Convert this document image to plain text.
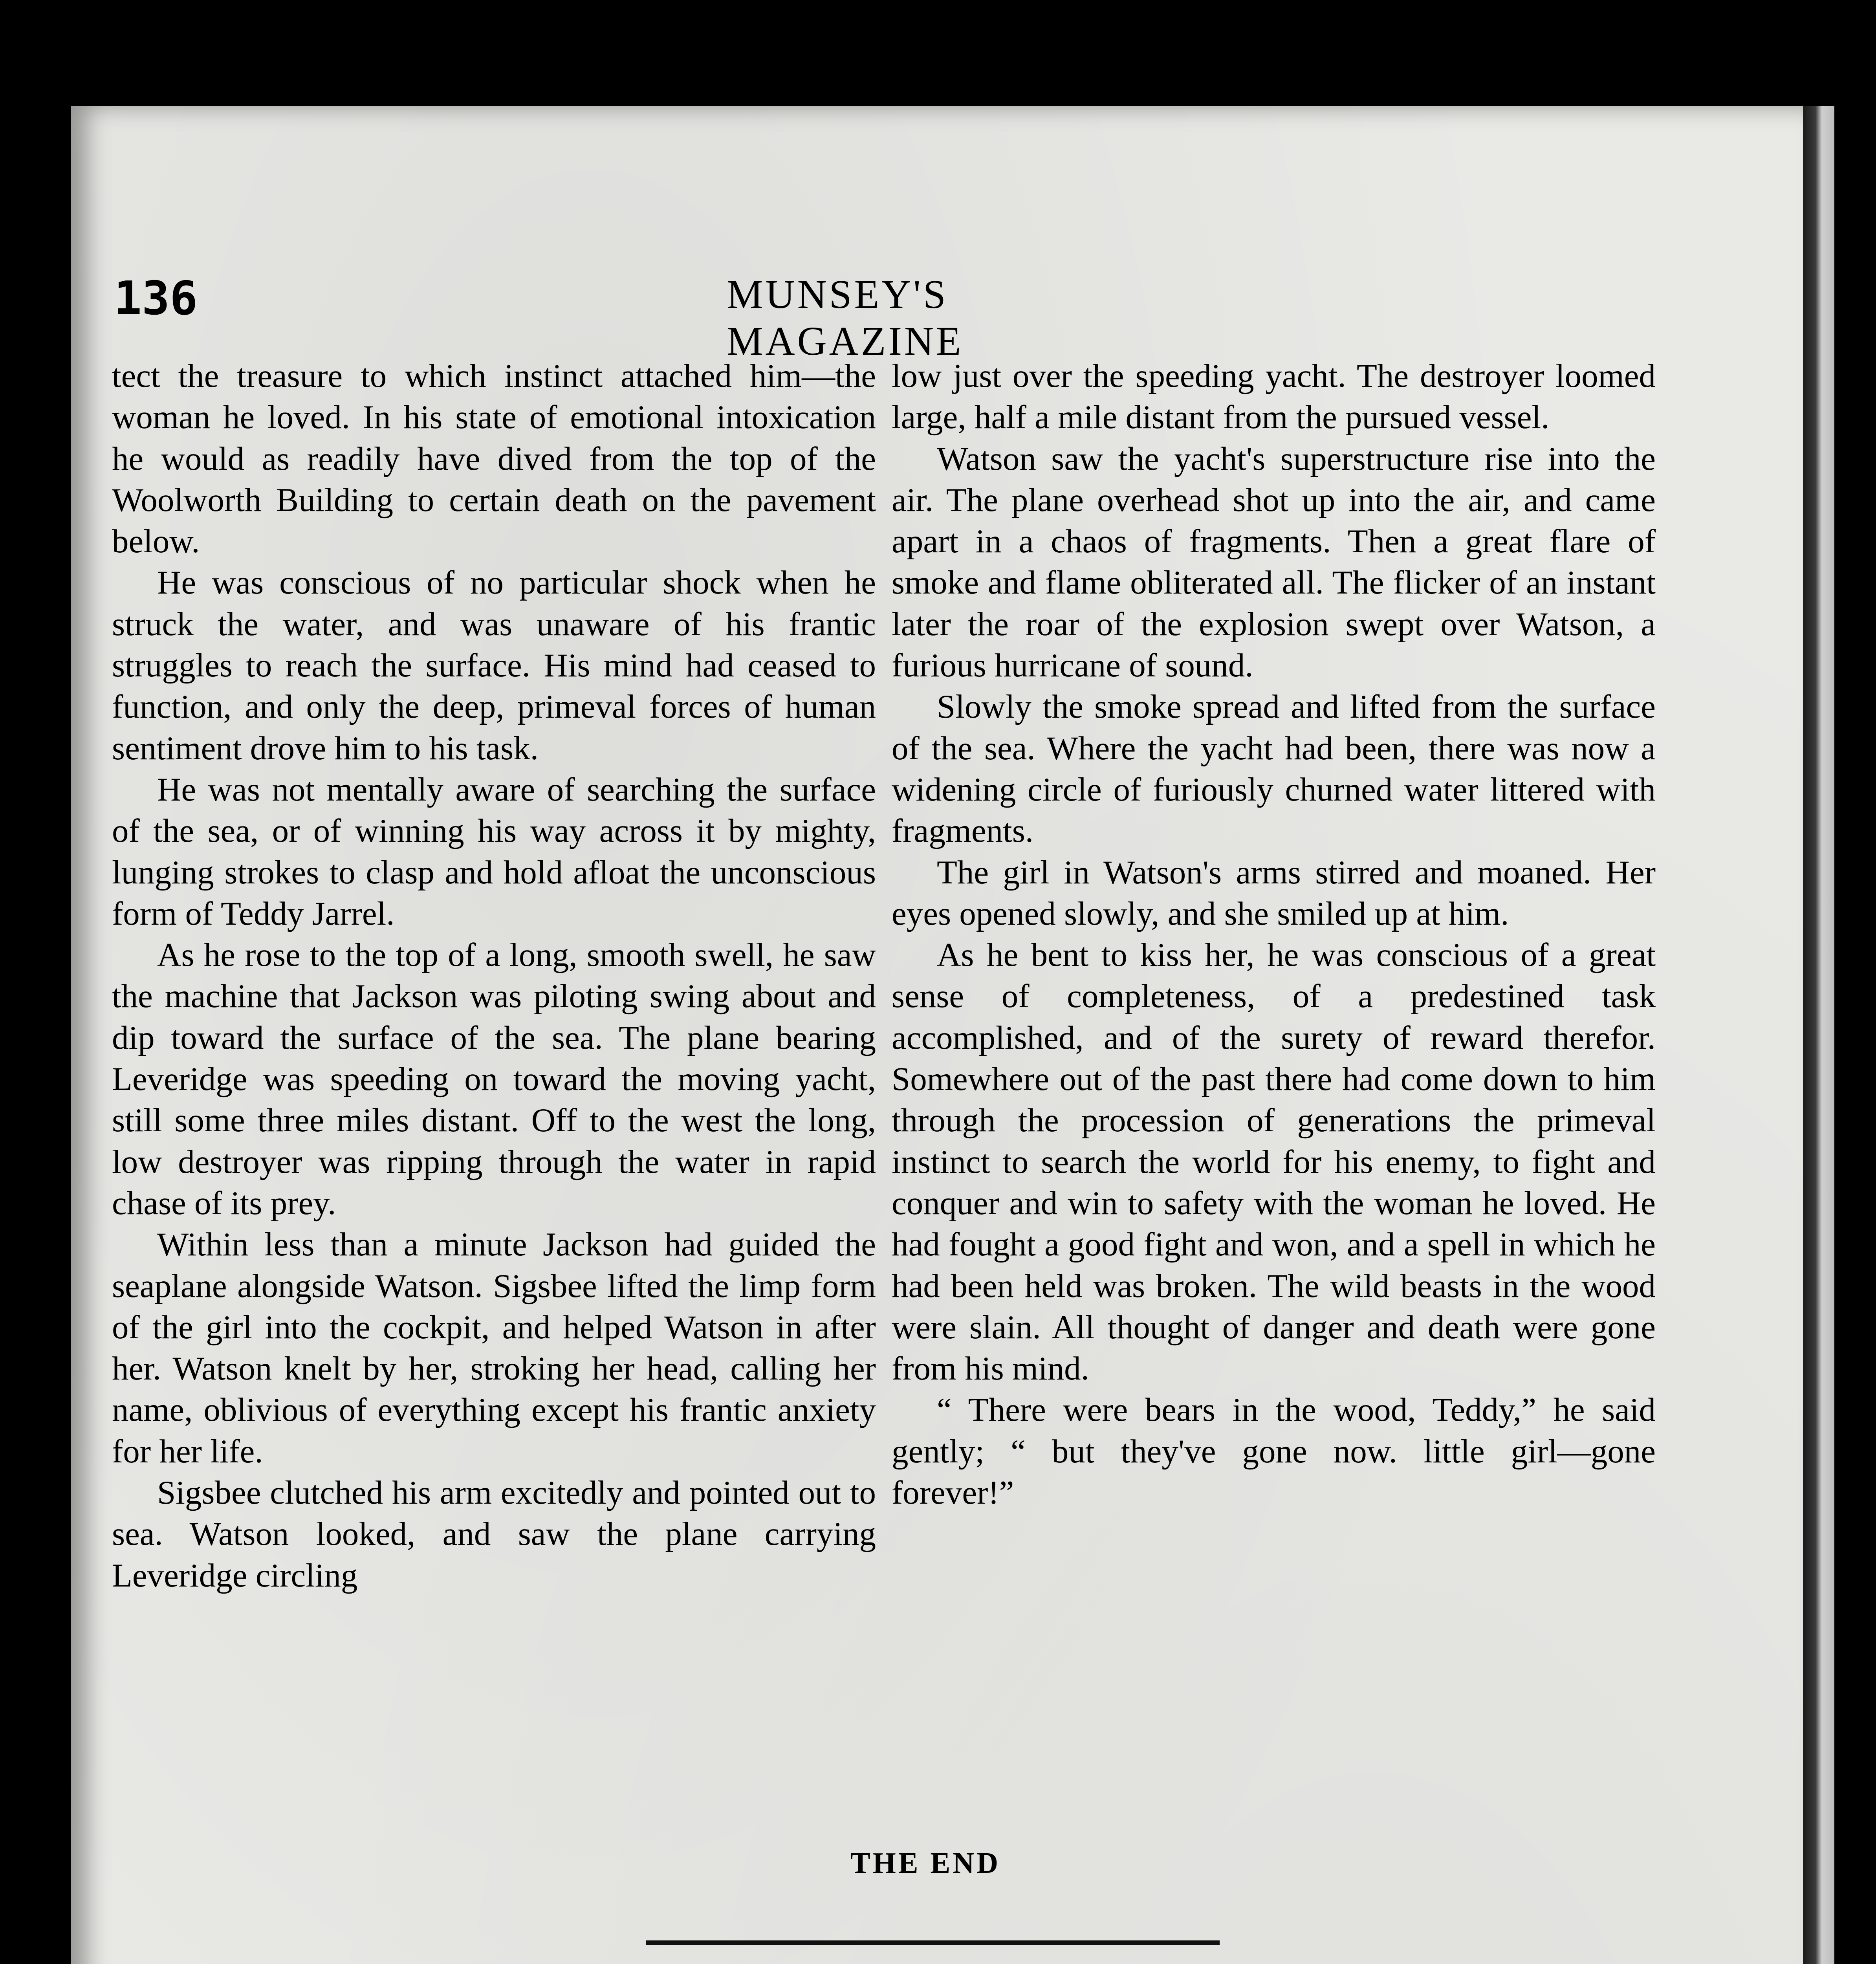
136	MUNSEY'S MAGAZINE

tect the treasure to which instinct attached him—the woman he loved. In his state of emotional intoxication he would as readily have dived from the top of the Woolworth Building to certain death on the pavement below.

He was conscious of no particular shock when he struck the water, and was unaware of his frantic struggles to reach the surface. His mind had ceased to function, and only the deep, primeval forces of human sentiment drove him to his task.

He was not mentally aware of searching the surface of the sea, or of winning his way across it by mighty, lunging strokes to clasp and hold afloat the unconscious form of Teddy Jarrel.

As he rose to the top of a long, smooth swell, he saw the machine that Jackson was piloting swing about and dip toward the surface of the sea. The plane bearing Leveridge was speeding on toward the moving yacht, still some three miles distant. Off to the west the long, low destroyer was ripping through the water in rapid chase of its prey.

Within less than a minute Jackson had guided the seaplane alongside Watson. Sigsbee lifted the limp form of the girl into the cockpit, and helped Watson in after her. Watson knelt by her, stroking her head, calling her name, oblivious of everything except his frantic anxiety for her life.

Sigsbee clutched his arm excitedly and pointed out to sea. Watson looked, and saw the plane carrying Leveridge circling

low just over the speeding yacht. The destroyer loomed large, half a mile distant from the pursued vessel.

Watson saw the yacht's superstructure rise into the air. The plane overhead shot up into the air, and came apart in a chaos of fragments. Then a great flare of smoke and flame obliterated all. The flicker of an instant later the roar of the explosion swept over Watson, a furious hurricane of sound.

Slowly the smoke spread and lifted from the surface of the sea. Where the yacht had been, there was now a widening circle of furiously churned water littered with fragments.

The girl in Watson's arms stirred and moaned. Her eyes opened slowly, and she smiled up at him.

As he bent to kiss her, he was conscious of a great sense of completeness, of a predestined task accomplished, and of the surety of reward therefor. Somewhere out of the past there had come down to him through the procession of generations the primeval instinct to search the world for his enemy, to fight and conquer and win to safety with the woman he loved. He had fought a good fight and won, and a spell in which he had been held was broken. The wild beasts in the wood were slain. All thought of danger and death were gone from his mind.

“ There were bears in the wood, Teddy,” he said gently; “ but they've gone now. little girl—gone forever!”

THE END
